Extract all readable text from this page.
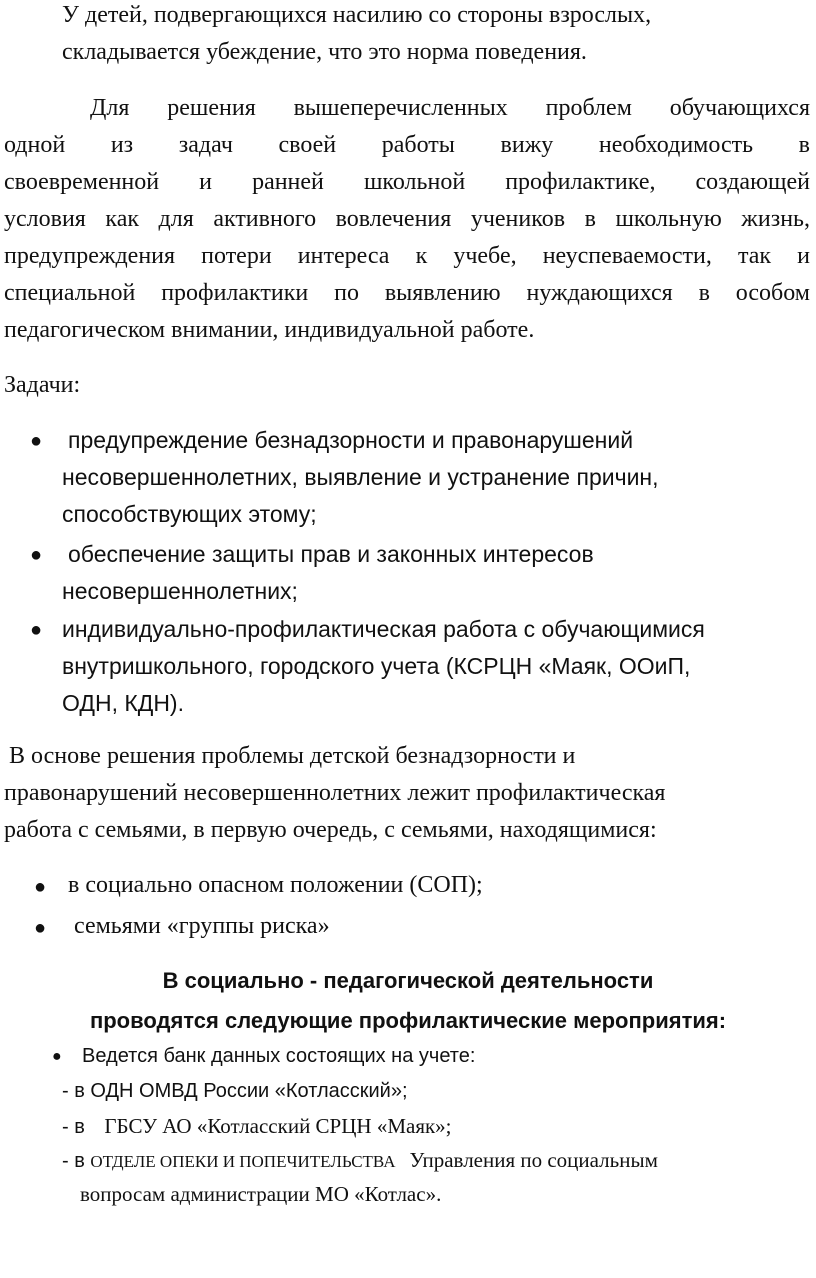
У детей, подвергающихся насилию со стороны взрослых,
складывается убеждение, что это норма поведения.
Для решения вышеперечисленных проблем обучающихся
одной из задач своей работы вижу необходимость в
своевременной и ранней школьной профилактике, создающей
условия как для активного вовлечения учеников в школьную жизнь,
предупреждения потери интереса к учебе, неуспеваемости, так и
специальной профилактики по выявлению нуждающихся в особом
педагогическом внимании, индивидуальной работе.
Задачи:
● предупреждение безнадзорности и правонарушений
несовершеннолетних, выявление и устранение причин,
способствующих этому;
● обеспечение защиты прав и законных интересов
несовершеннолетних;
● индивидуально-профилактическая работа с обучающимися
внутришкольного, городского учета (КСРЦН «Маяк, ООиП,
ОДН, КДН).
В основе решения проблемы детской безнадзорности и
правонарушений несовершеннолетних лежит профилактическая
работа с семьями, в первую очередь, с семьями, находящимися:
● в социально опасном положении (СОП);
● семьями «группы риска»
В социально - педагогической деятельности
проводятся следующие профилактические мероприятия:
● Ведется банк данных состоящих на учете:
- в ОДН ОМВД России «Котласский»;
- в ГБСУ АО «Котласский СРЦН «Маяк»;
- в ОТДЕЛЕ ОПЕКИ И ПОПЕЧИТЕЛЬСТВА Управления по социальным
вопросам администрации МО «Котлас».
